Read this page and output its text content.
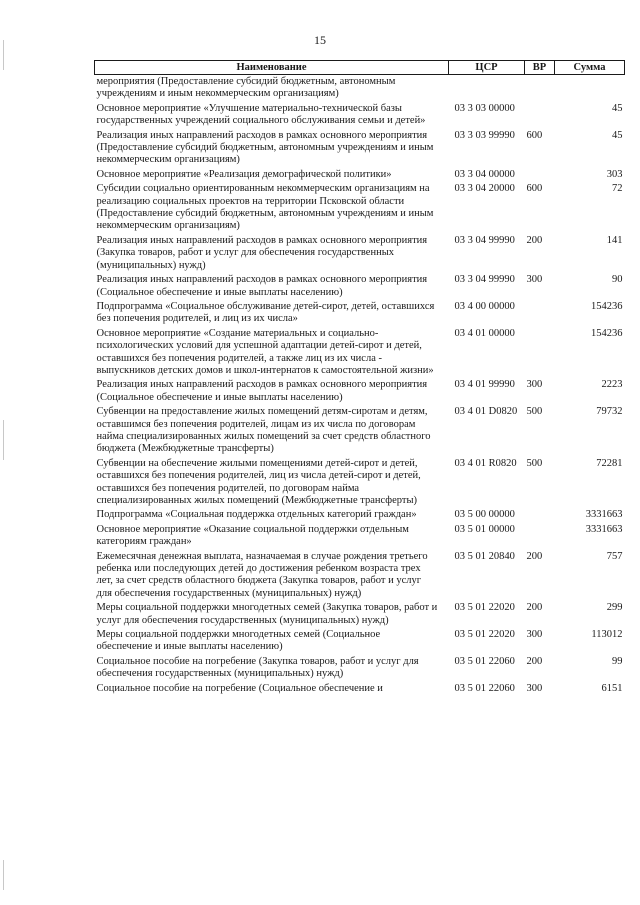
15
Наименование	ЦСР	ВР	Сумма
мероприятия (Предоставление субсидий бюджетным, автономным учреждениям и иным некоммерческим организациям)			
Основное мероприятие «Улучшение материально-технической базы государственных учреждений социального обслуживания семьи и детей»	03 3 03 00000		45
Реализация иных направлений расходов в рамках основного мероприятия (Предоставление субсидий бюджетным, автономным учреждениям и иным некоммерческим организациям)	03 3 03 99990	600	45
Основное мероприятие «Реализация демографической политики»	03 3 04 00000		303
Субсидии социально ориентированным некоммерческим организациям на реализацию социальных проектов на территории Псковской области (Предоставление субсидий бюджетным, автономным учреждениям и иным некоммерческим организациям)	03 3 04 20000	600	72
Реализация иных направлений расходов в рамках основного мероприятия (Закупка товаров, работ и услуг для обеспечения государственных (муниципальных) нужд)	03 3 04 99990	200	141
Реализация иных направлений расходов в рамках основного мероприятия (Социальное обеспечение и иные выплаты населению)	03 3 04 99990	300	90
Подпрограмма «Социальное обслуживание детей-сирот, детей, оставшихся без попечения родителей, и лиц из их числа»	03 4 00 00000		154236
Основное мероприятие «Создание материальных и социально-психологических условий для успешной адаптации детей-сирот и детей, оставшихся без попечения родителей, а также лиц из их числа - выпускников детских домов и школ-интернатов к самостоятельной жизни»	03 4 01 00000		154236
Реализация иных направлений расходов в рамках основного мероприятия (Социальное обеспечение и иные выплаты населению)	03 4 01 99990	300	2223
Субвенции на предоставление жилых помещений детям-сиротам и детям, оставшимся без попечения родителей, лицам из их числа по договорам найма специализированных жилых помещений за счет средств областного бюджета (Межбюджетные трансферты)	03 4 01 D0820	500	79732
Субвенции на обеспечение жилыми помещениями детей-сирот и детей, оставшихся без попечения родителей, лиц из числа детей-сирот и детей, оставшихся без попечения родителей, по договорам найма специализированных жилых помещений (Межбюджетные трансферты)	03 4 01 R0820	500	72281
Подпрограмма «Социальная поддержка отдельных категорий граждан»	03 5 00 00000		3331663
Основное мероприятие «Оказание социальной поддержки отдельным категориям граждан»	03 5 01 00000		3331663
Ежемесячная денежная выплата, назначаемая в случае рождения третьего ребенка или последующих детей до достижения ребенком возраста трех лет, за счет средств областного бюджета (Закупка товаров, работ и услуг для обеспечения государственных (муниципальных) нужд)	03 5 01 20840	200	757
Меры социальной поддержки многодетных семей (Закупка товаров, работ и услуг для обеспечения государственных (муниципальных) нужд)	03 5 01 22020	200	299
Меры социальной поддержки многодетных семей (Социальное обеспечение и иные выплаты населению)	03 5 01 22020	300	113012
Социальное пособие на погребение (Закупка товаров, работ и услуг для обеспечения государственных (муниципальных) нужд)	03 5 01 22060	200	99
Социальное пособие на погребение (Социальное обеспечение и	03 5 01 22060	300	6151
